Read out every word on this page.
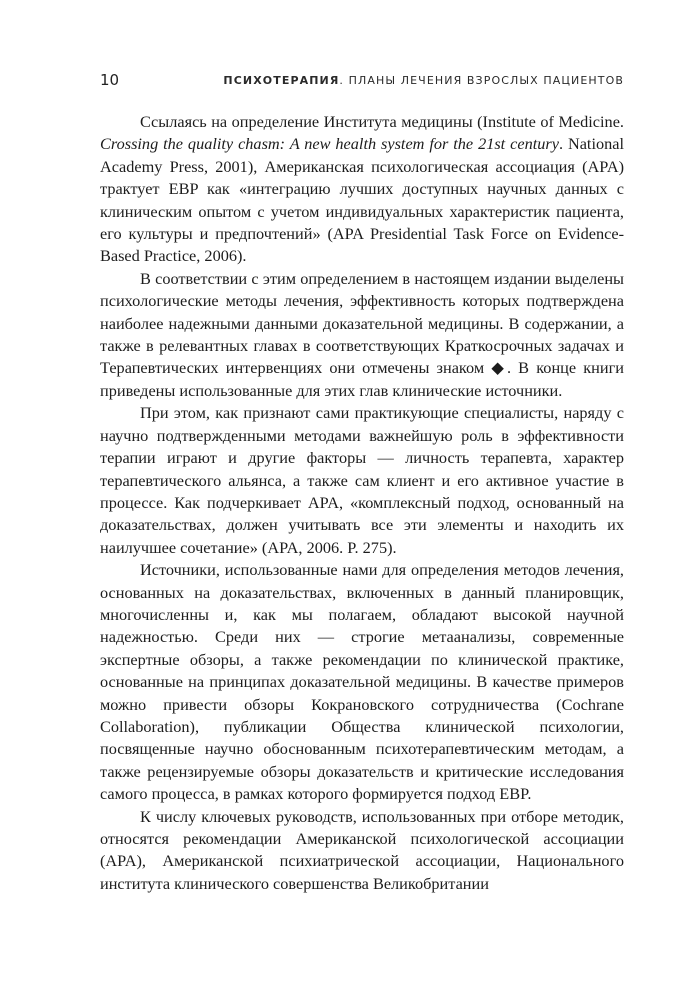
10	ПСИХОТЕРАПИЯ. ПЛАНЫ ЛЕЧЕНИЯ ВЗРОСЛЫХ ПАЦИЕНТОВ

Ссылаясь на определение Института медицины (Institute of Medicine. Crossing the quality chasm: A new health system for the 21st century. National Academy Press, 2001), Американская психологическая ассоциация (APA) трактует EBP как «интеграцию лучших доступных научных данных с клиническим опытом с учетом индивидуальных характеристик пациента, его культуры и предпочтений» (APA Presidential Task Force on Evidence-Based Practice, 2006).

В соответствии с этим определением в настоящем издании выделены психологические методы лечения, эффективность которых подтверждена наиболее надежными данными доказательной медицины. В содержании, а также в релевантных главах в соответствующих Краткосрочных задачах и Терапевтических интервенциях они отмечены знаком ◆. В конце книги приведены использованные для этих глав клинические источники.

При этом, как признают сами практикующие специалисты, наряду с научно подтвержденными методами важнейшую роль в эффективности терапии играют и другие факторы — личность терапевта, характер терапевтического альянса, а также сам клиент и его активное участие в процессе. Как подчеркивает APA, «комплексный подход, основанный на доказательствах, должен учитывать все эти элементы и находить их наилучшее сочетание» (APA, 2006. P. 275).

Источники, использованные нами для определения методов лечения, основанных на доказательствах, включенных в данный планировщик, многочисленны и, как мы полагаем, обладают высокой научной надежностью. Среди них — строгие метаанализы, современные экспертные обзоры, а также рекомендации по клинической практике, основанные на принципах доказательной медицины. В качестве примеров можно привести обзоры Кокрановского сотрудничества (Cochrane Collaboration), публикации Общества клинической психологии, посвященные научно обоснованным психотерапевтическим методам, а также рецензируемые обзоры доказательств и критические исследования самого процесса, в рамках которого формируется подход EBP.

К числу ключевых руководств, использованных при отборе методик, относятся рекомендации Американской психологической ассоциации (APA), Американской психиатрической ассоциации, Национального института клинического совершенства Великобритании
